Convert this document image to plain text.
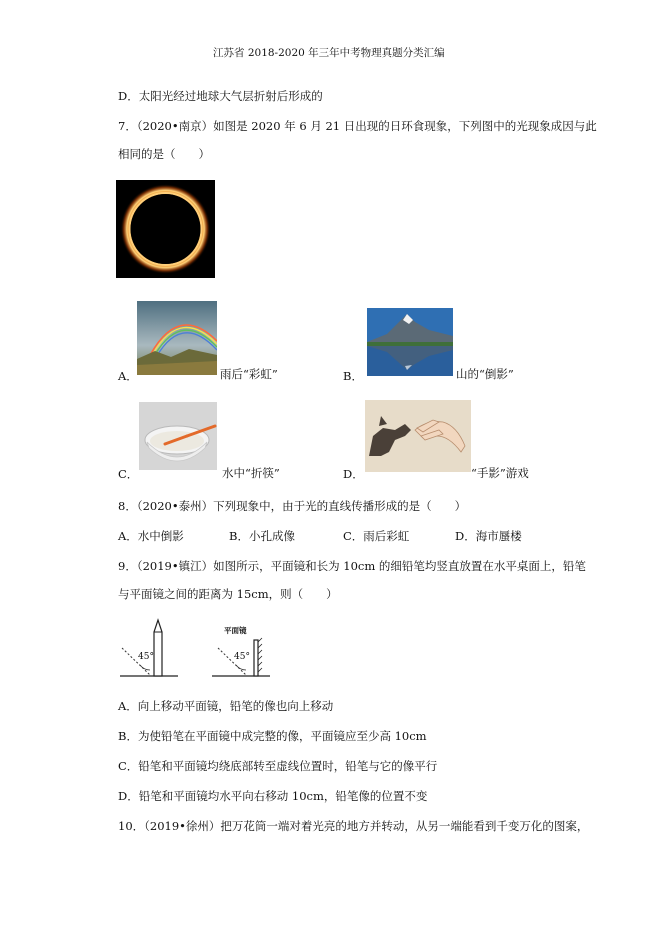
江苏省 2018-2020 年三年中考物理真题分类汇编
D．太阳光经过地球大气层折射后形成的
7．（2020•南京）如图是 2020 年 6 月 21 日出现的日环食现象，下列图中的光现象成因与此
相同的是（　　）
A．	雨后“彩虹”	B．	山的“倒影”
C．	水中“折筷”	D．	“手影”游戏
8．（2020•泰州）下列现象中，由于光的直线传播形成的是（　　）
A．水中倒影	B．小孔成像	C．雨后彩虹	D．海市蜃楼
9．（2019•镇江）如图所示，平面镜和长为 10cm 的细铅笔均竖直放置在水平桌面上，铅笔
与平面镜之间的距离为 15cm，则（　　）
平面镜
45°	45°
A．向上移动平面镜，铅笔的像也向上移动
B．为使铅笔在平面镜中成完整的像，平面镜应至少高 10cm
C．铅笔和平面镜均绕底部转至虚线位置时，铅笔与它的像平行
D．铅笔和平面镜均水平向右移动 10cm，铅笔像的位置不变
10．（2019•徐州）把万花筒一端对着光亮的地方并转动，从另一端能看到千变万化的图案，
